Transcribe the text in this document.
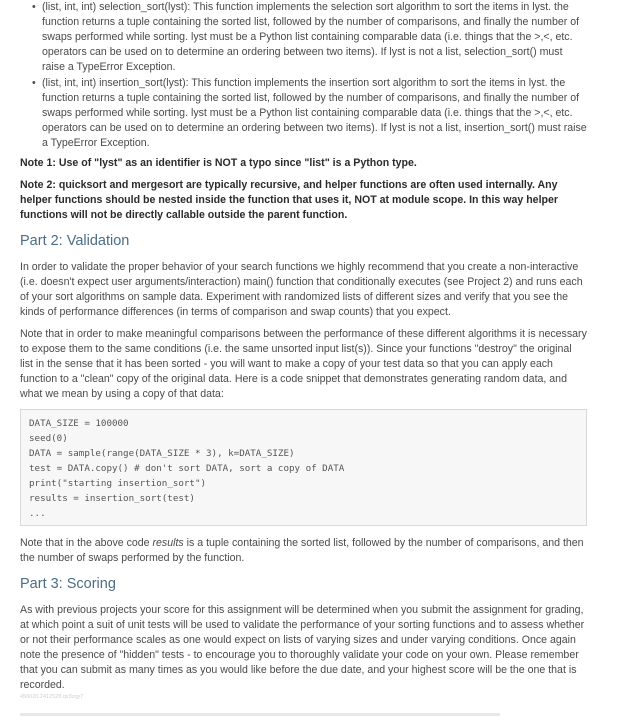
• (list, int, int) selection_sort(lyst): This function implements the selection sort algorithm to sort the items in lyst. the function returns a tuple containing the sorted list, followed by the number of comparisons, and finally the number of swaps performed while sorting. lyst must be a Python list containing comparable data (i.e. things that the >,<, etc. operators can be used on to determine an ordering between two items). If lyst is not a list, selection_sort() must raise a TypeError Exception.
• (list, int, int) insertion_sort(lyst): This function implements the insertion sort algorithm to sort the items in lyst. the function returns a tuple containing the sorted list, followed by the number of comparisons, and finally the number of swaps performed while sorting. lyst must be a Python list containing comparable data (i.e. things that the >,<, etc. operators can be used on to determine an ordering between two items). If lyst is not a list, insertion_sort() must raise a TypeError Exception.

Note 1: Use of "lyst" as an identifier is NOT a typo since "list" is a Python type.

Note 2: quicksort and mergesort are typically recursive, and helper functions are often used internally. Any helper functions should be nested inside the function that uses it, NOT at module scope. In this way helper functions will not be directly callable outside the parent function.

Part 2: Validation

In order to validate the proper behavior of your search functions we highly recommend that you create a non-interactive (i.e. doesn't expect user arguments/interaction) main() function that conditionally executes (see Project 2) and runs each of your sort algorithms on sample data. Experiment with randomized lists of different sizes and verify that you see the kinds of performance differences (in terms of comparison and swap counts) that you expect.

Note that in order to make meaningful comparisons between the performance of these different algorithms it is necessary to expose them to the same conditions (i.e. the same unsorted input list(s)). Since your functions "destroy" the original list in the sense that it has been sorted - you will want to make a copy of your test data so that you can apply each function to a "clean" copy of the original data. Here is a code snippet that demonstrates generating random data, and what we mean by using a copy of that data:

DATA_SIZE = 100000
seed(0)
DATA = sample(range(DATA_SIZE * 3), k=DATA_SIZE)
test = DATA.copy() # don't sort DATA, sort a copy of DATA
print("starting insertion_sort")
results = insertion_sort(test)
...

Note that in the above code results is a tuple containing the sorted list, followed by the number of comparisons, and then the number of swaps performed by the function.

Part 3: Scoring

As with previous projects your score for this assignment will be determined when you submit the assignment for grading, at which point a suit of unit tests will be used to validate the performance of your sorting functions and to assess whether or not their performance scales as one would expect on lists of varying sizes and under varying conditions. Once again note the presence of "hidden" tests - to encourage you to thoroughly validate your code on your own. Please remember that you can submit as many times as you would like before the due date, and your highest score will be the one that is recorded.

456020.2412528.qx3zqy7
